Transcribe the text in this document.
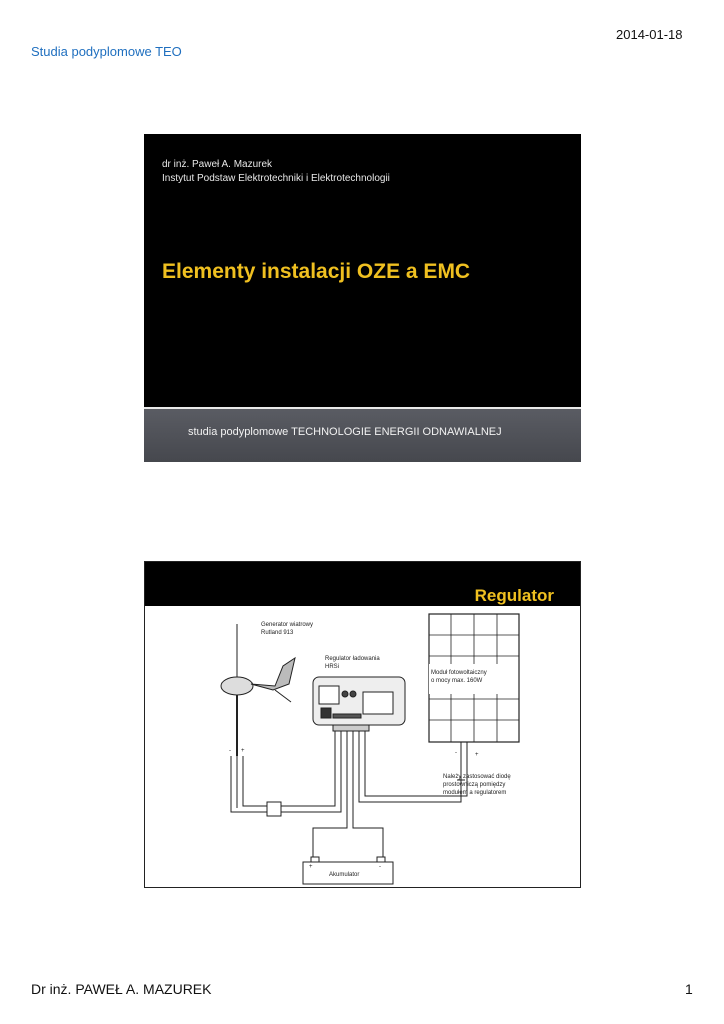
2014-01-18
Studia podyplomowe TEO
dr inż. Paweł A. Mazurek
Instytut Podstaw Elektrotechniki i Elektrotechnologii
Elementy instalacji OZE a EMC
studia podyplomowe TECHNOLOGIE ENERGII ODNAWIALNEJ
Regulator
Generator wiatrowy
Rutland 913
Regulator ładowania
HRSi
Moduł fotowoltaiczny
o mocy max. 160W
Należy zastosować diodę
prostowniczą pomiędzy
modułem a regulatorem
Akumulator
- +	-	+
+	-
Dr inż. PAWEŁ A. MAZUREK	1
